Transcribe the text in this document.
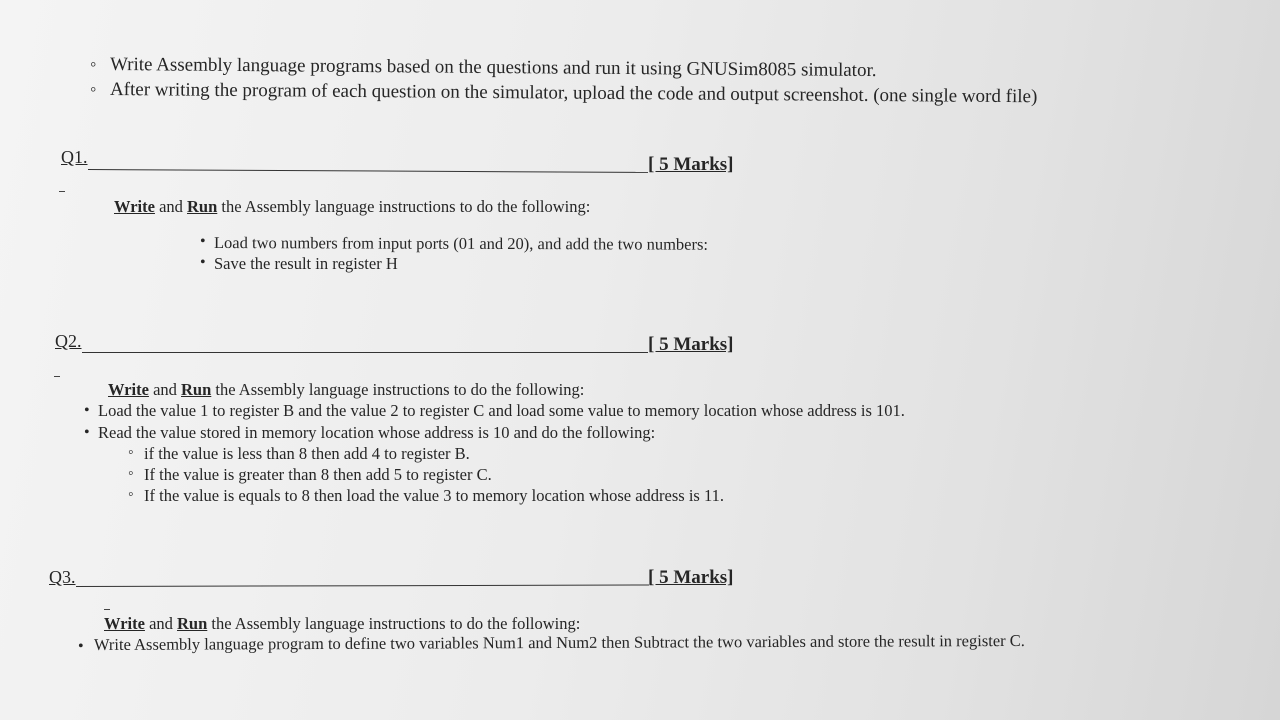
◦ Write Assembly language programs based on the questions and run it using GNUSim8085 simulator.
◦ After writing the program of each question on the simulator, upload the code and output screenshot. (one single word file)
Q1.	[ 5 Marks]
Write and Run the Assembly language instructions to do the following:
• Load two numbers from input ports (01 and 20), and add the two numbers:
• Save the result in register H
Q2.	[ 5 Marks]
Write and Run the Assembly language instructions to do the following:
• Load the value 1 to register B and the value 2 to register C and load some value to memory location whose address is 101.
• Read the value stored in memory location whose address is 10 and do the following:
◦ if the value is less than 8 then add 4 to register B.
◦ If the value is greater than 8 then add 5 to register C.
◦ If the value is equals to 8 then load the value 3 to memory location whose address is 11.
Q3.	[ 5 Marks]
Write and Run the Assembly language instructions to do the following:
• Write Assembly language program to define two variables Num1 and Num2 then Subtract the two variables and store the result in register C.
